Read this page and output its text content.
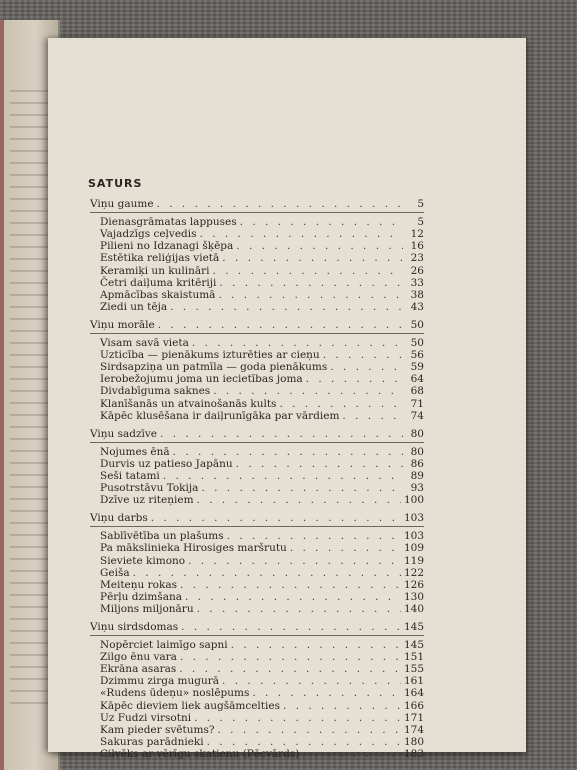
SATURS
Viņu gaume . . .	5
Dienasgrāmatas lappuses . . .	5
Vajadzīgs ceļvedis . . .	12
Pilieni no Idzanagi šķēpa . . .	16
Estētika reliģijas vietā . . .	23
Keramiķi un kulināri . . .	26
Četri daiļuma kritēriji . . .	33
Apmācības skaistumā . . .	38
Ziedi un tēja . . .	43
Viņu morāle . . .	50
Visam savā vieta . . .	50
Uzticība — pienākums izturēties ar cieņu . . .	56
Sirdsapziņa un patmīla — goda pienākums . . .	59
Ierobežojumu joma un iecietības joma . . .	64
Divdabīguma saknes . . .	68
Klanīšanās un atvainošanās kults . . .	71
Kāpēc klusēšana ir daiļrunīgāka par vārdiem . . .	74
Viņu sadzīve . . .	80
Nojumes ēnā . . .	80
Durvis uz patieso Japānu . . .	86
Seši tatami . . .	89
Pusotrstāvu Tokija . . .	93
Dzīve uz riteņiem . . .	100
Viņu darbs . . .	103
Sablīvētība un plašums . . .	103
Pa mākslinieka Hirosiges maršrutu . . .	109
Sieviete kimono . . .	119
Geiša . . .	122
Meiteņu rokas . . .	126
Pērļu dzimšana . . .	130
Miljons miljonāru . . .	140
Viņu sirdsdomas . . .	145
Nopērciet laimīgo sapni . . .	145
Zilgo ēnu vara . . .	151
Ekrāna asaras . . .	155
Dzimmu zirga mugurā . . .	161
«Rudens ūdeņu» noslēpums . . .	164
Kāpēc dieviem liek augšāmcelties . . .	166
Uz Fudzi virsotni . . .	171
Kam pieder svētums? . . .	174
Sakuras parādnieki . . .	180
Cilvēks ar vērīgu skatienu (Pēcvārds) . . .	183
